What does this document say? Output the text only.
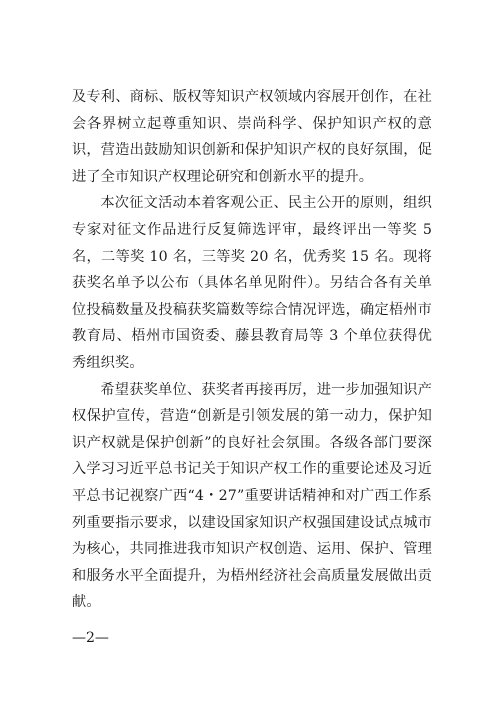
及专利、商标、版权等知识产权领域内容展开创作，在社会各界树立起尊重知识、崇尚科学、保护知识产权的意识，营造出鼓励知识创新和保护知识产权的良好氛围，促进了全市知识产权理论研究和创新水平的提升。

本次征文活动本着客观公正、民主公开的原则，组织专家对征文作品进行反复筛选评审，最终评出一等奖 5 名，二等奖 10 名，三等奖 20 名，优秀奖 15 名。现将获奖名单予以公布（具体名单见附件）。另结合各有关单位投稿数量及投稿获奖篇数等综合情况评选，确定梧州市教育局、梧州市国资委、藤县教育局等 3 个单位获得优秀组织奖。

希望获奖单位、获奖者再接再厉，进一步加强知识产权保护宣传，营造“创新是引领发展的第一动力，保护知识产权就是保护创新”的良好社会氛围。各级各部门要深入学习习近平总书记关于知识产权工作的重要论述及习近平总书记视察广西“4・27”重要讲话精神和对广西工作系列重要指示要求，以建设国家知识产权强国建设试点城市为核心，共同推进我市知识产权创造、运用、保护、管理和服务水平全面提升，为梧州经济社会高质量发展做出贡献。

—2—
